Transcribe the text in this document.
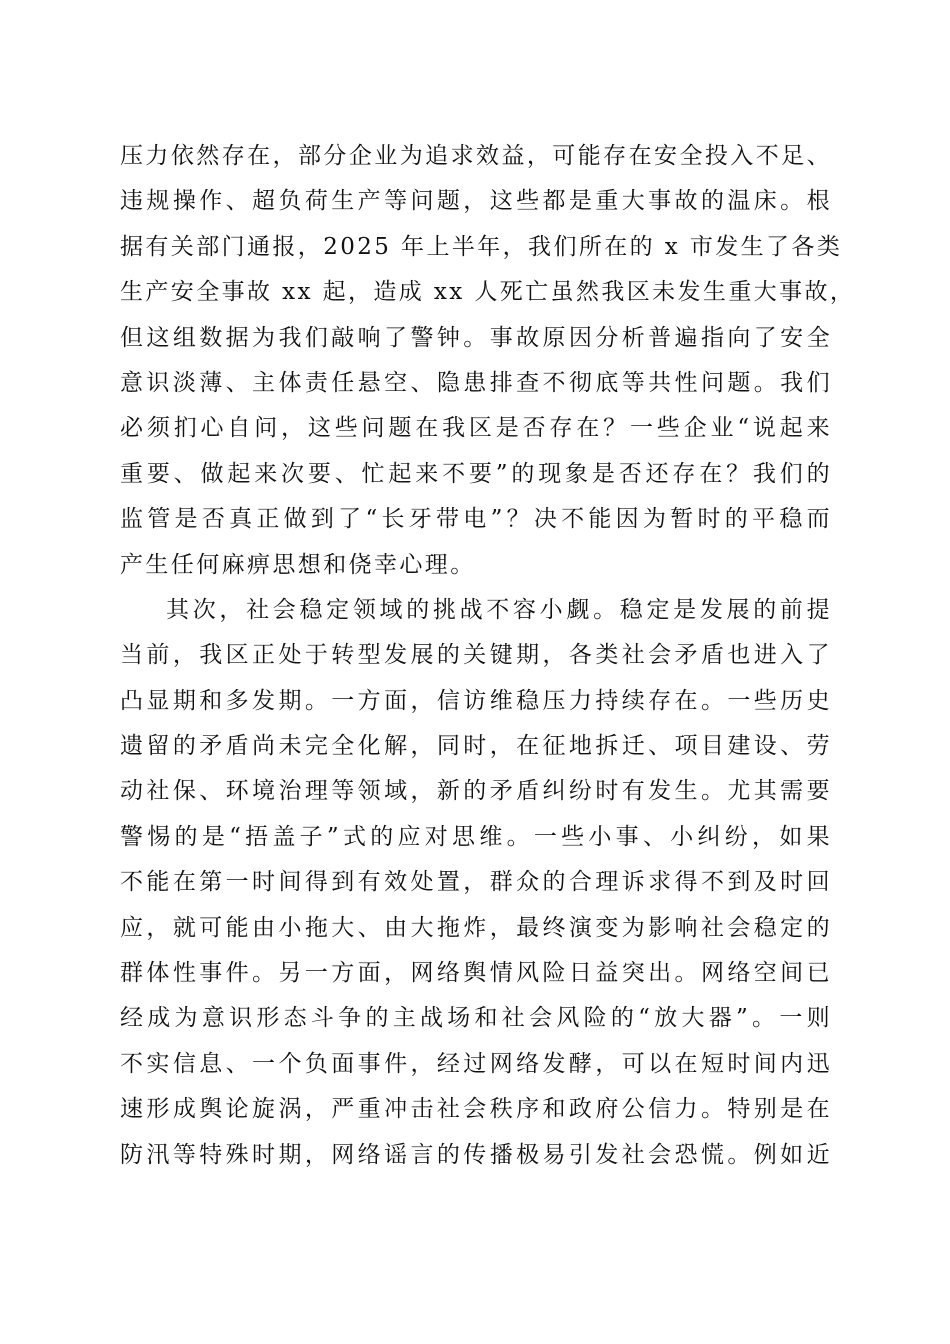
压力依然存在，部分企业为追求效益，可能存在安全投入不足、
违规操作、超负荷生产等问题，这些都是重大事故的温床。根
据有关部门通报，2025 年上半年，我们所在的 x 市发生了各类
生产安全事故 xx 起，造成 xx 人死亡虽然我区未发生重大事故，
但这组数据为我们敲响了警钟。事故原因分析普遍指向了安全
意识淡薄、主体责任悬空、隐患排查不彻底等共性问题。我们
必须扪心自问，这些问题在我区是否存在？一些企业“说起来
重要、做起来次要、忙起来不要”的现象是否还存在？我们的
监管是否真正做到了“长牙带电”？决不能因为暂时的平稳而
产生任何麻痹思想和侥幸心理。
其次，社会稳定领域的挑战不容小觑。稳定是发展的前提
当前，我区正处于转型发展的关键期，各类社会矛盾也进入了
凸显期和多发期。一方面，信访维稳压力持续存在。一些历史
遗留的矛盾尚未完全化解，同时，在征地拆迁、项目建设、劳
动社保、环境治理等领域，新的矛盾纠纷时有发生。尤其需要
警惕的是“捂盖子”式的应对思维。一些小事、小纠纷，如果
不能在第一时间得到有效处置，群众的合理诉求得不到及时回
应，就可能由小拖大、由大拖炸，最终演变为影响社会稳定的
群体性事件。另一方面，网络舆情风险日益突出。网络空间已
经成为意识形态斗争的主战场和社会风险的“放大器”。一则
不实信息、一个负面事件，经过网络发酵，可以在短时间内迅
速形成舆论旋涡，严重冲击社会秩序和政府公信力。特别是在
防汛等特殊时期，网络谣言的传播极易引发社会恐慌。例如近
